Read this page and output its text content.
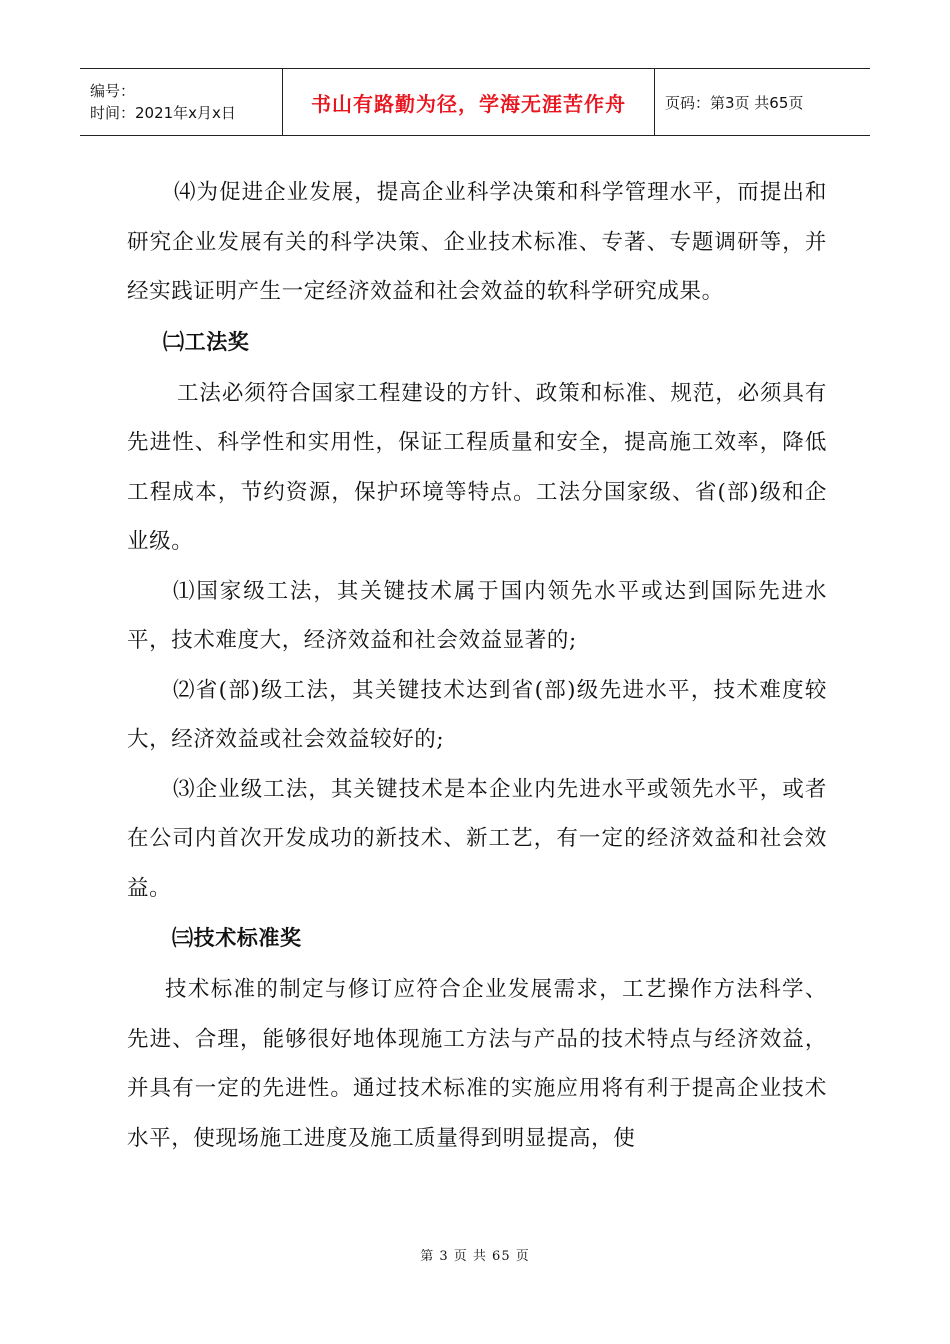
编号：
时间：2021年x月x日	书山有路勤为径，学海无涯苦作舟	页码：第3页 共65页

⑷为促进企业发展，提高企业科学决策和科学管理水平，而提出和研究企业发展有关的科学决策、企业技术标准、专著、专题调研等，并经实践证明产生一定经济效益和社会效益的软科学研究成果。

㈡工法奖

工法必须符合国家工程建设的方针、政策和标准、规范，必须具有先进性、科学性和实用性，保证工程质量和安全，提高施工效率，降低工程成本，节约资源，保护环境等特点。工法分国家级、省(部)级和企业级。

⑴国家级工法，其关键技术属于国内领先水平或达到国际先进水平，技术难度大，经济效益和社会效益显著的;

⑵省(部)级工法，其关键技术达到省(部)级先进水平，技术难度较大，经济效益或社会效益较好的;

⑶企业级工法，其关键技术是本企业内先进水平或领先水平，或者在公司内首次开发成功的新技术、新工艺，有一定的经济效益和社会效益。

㈢技术标准奖

技术标准的制定与修订应符合企业发展需求，工艺操作方法科学、先进、合理，能够很好地体现施工方法与产品的技术特点与经济效益，并具有一定的先进性。通过技术标准的实施应用将有利于提高企业技术水平，使现场施工进度及施工质量得到明显提高，使

第 3 页 共 65 页
